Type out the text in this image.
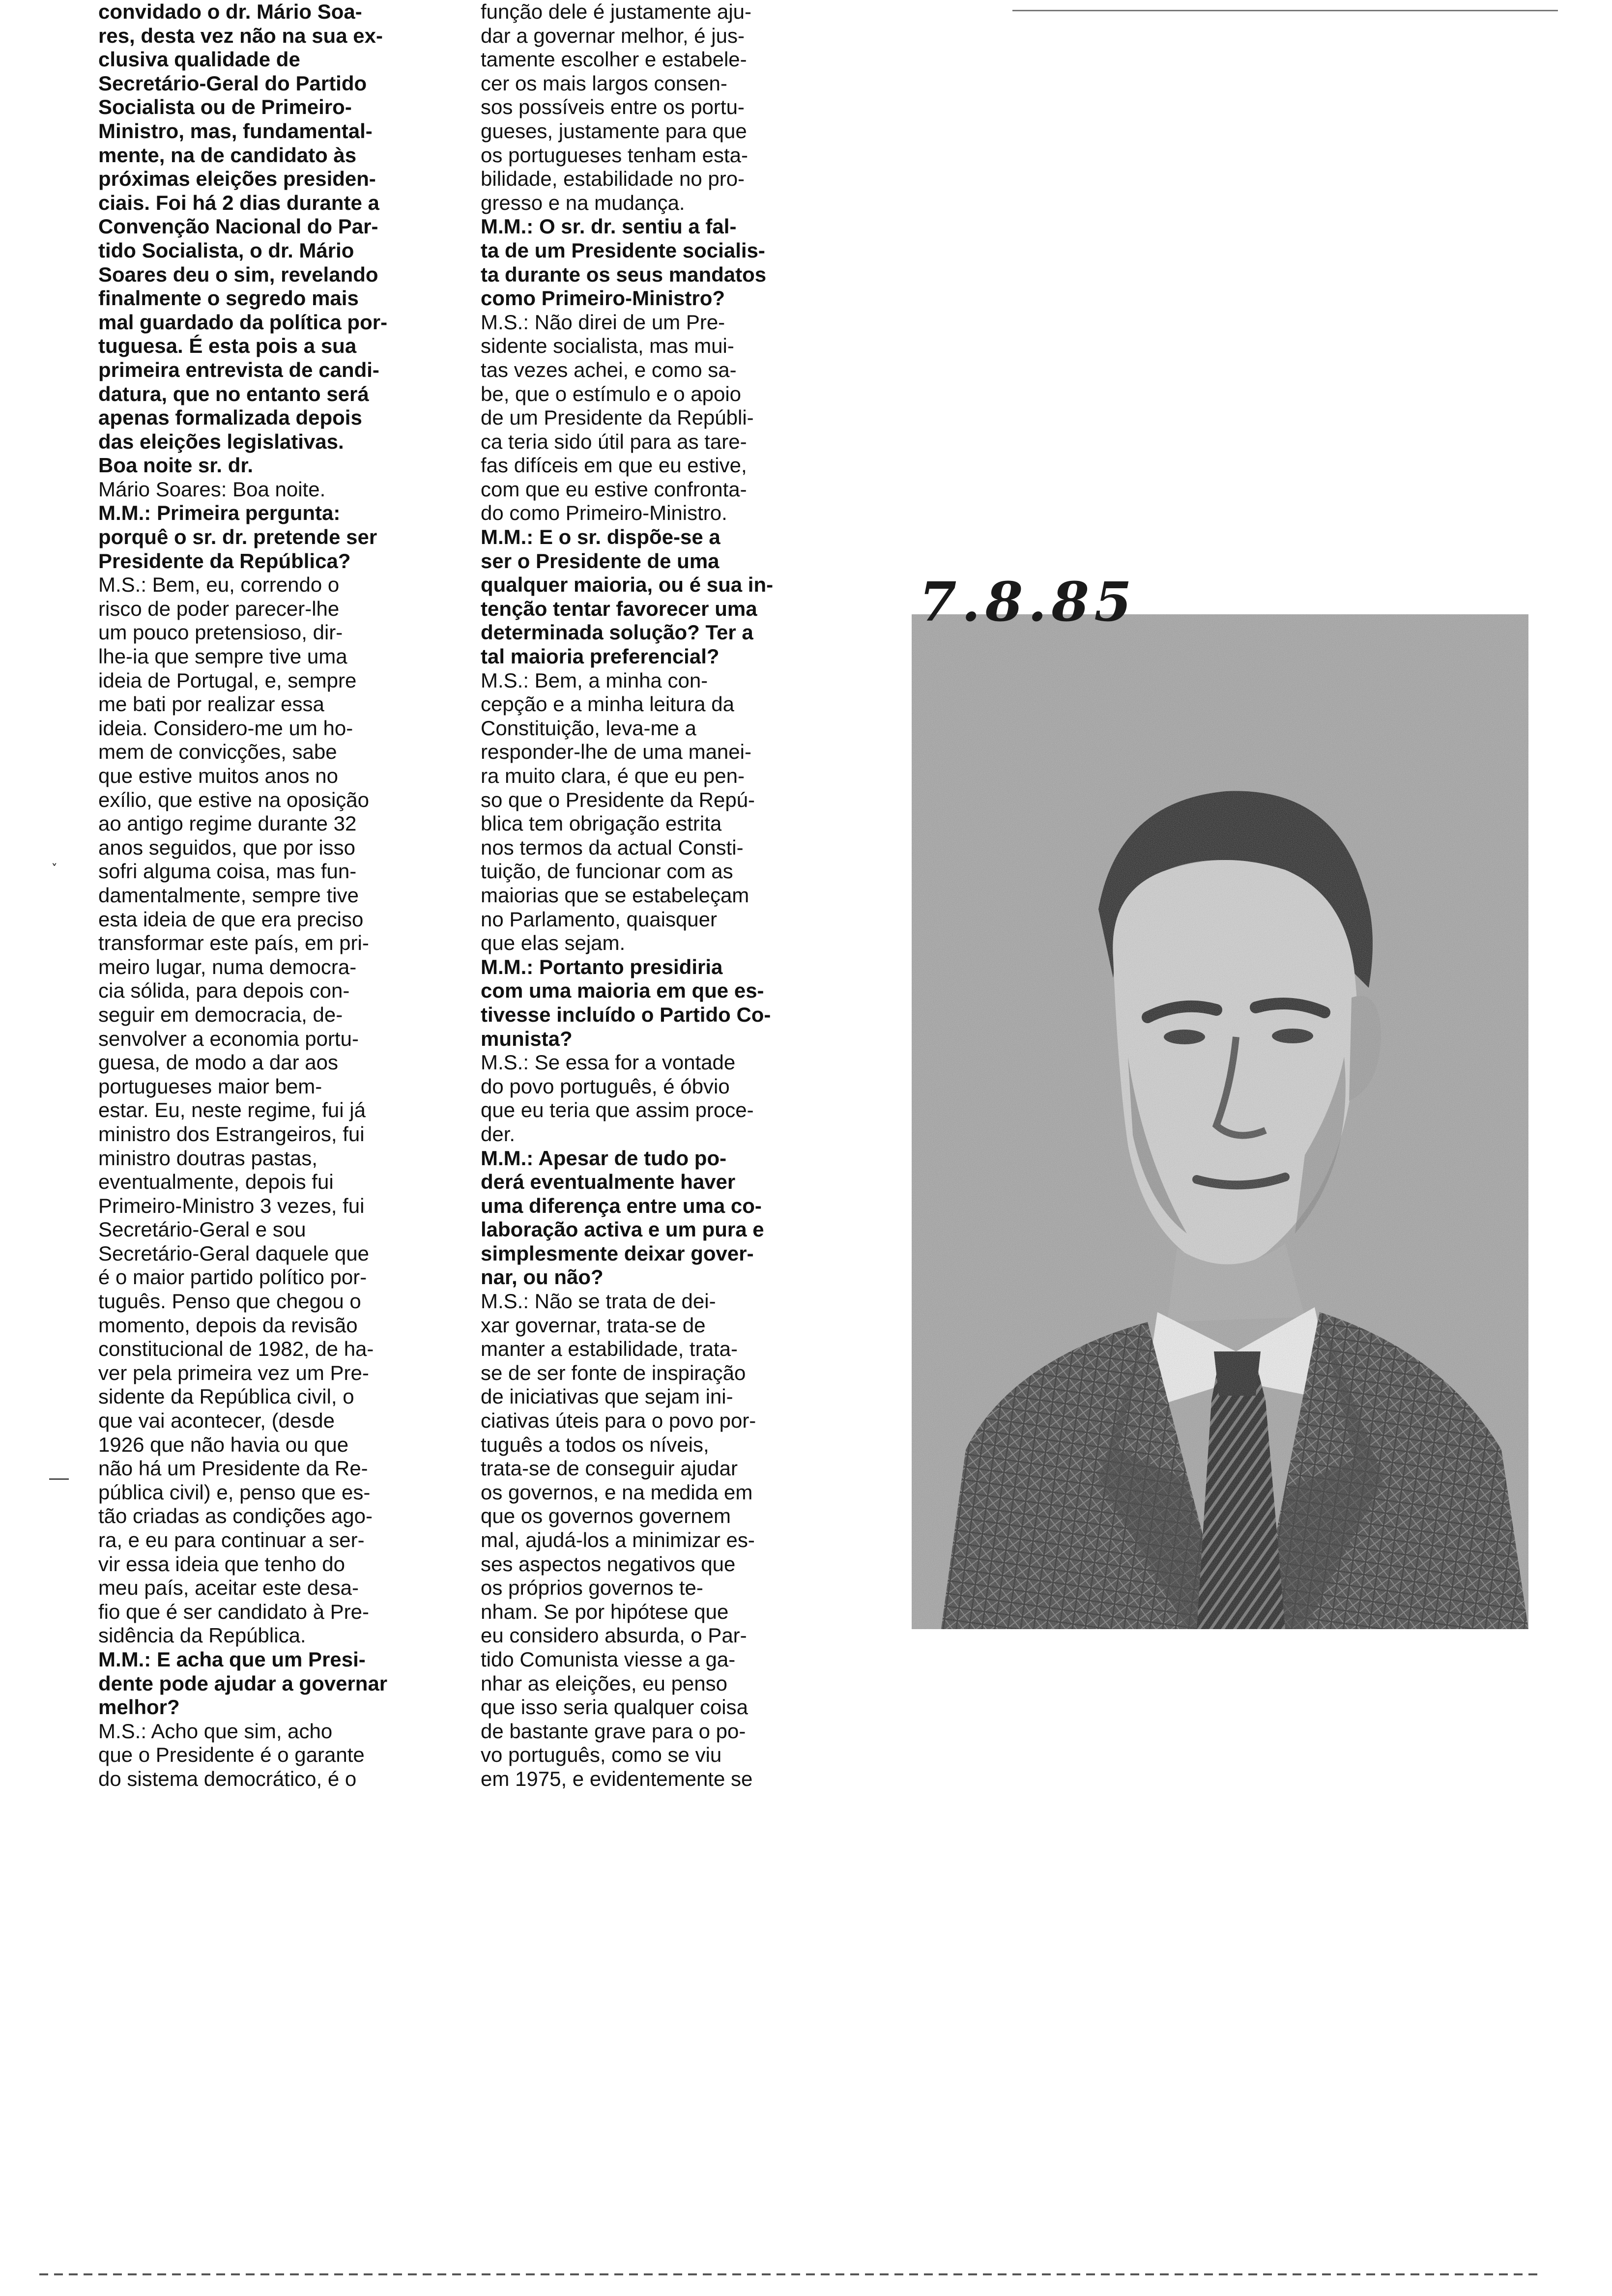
convidado o dr. Mário Soa-
res, desta vez não na sua ex-
clusiva qualidade de
Secretário-Geral do Partido
Socialista ou de Primeiro-
Ministro, mas, fundamental-
mente, na de candidato às
próximas eleições presiden-
ciais. Foi há 2 dias durante a
Convenção Nacional do Par-
tido Socialista, o dr. Mário
Soares deu o sim, revelando
finalmente o segredo mais
mal guardado da política por-
tuguesa. É esta pois a sua
primeira entrevista de candi-
datura, que no entanto será
apenas formalizada depois
das eleições legislativas.
Boa noite sr. dr.
Mário Soares: Boa noite.
M.M.: Primeira pergunta:
porquê o sr. dr. pretende ser
Presidente da República?
M.S.: Bem, eu, correndo o
risco de poder parecer-lhe
um pouco pretensioso, dir-
lhe-ia que sempre tive uma
ideia de Portugal, e, sempre
me bati por realizar essa
ideia. Considero-me um ho-
mem de convicções, sabe
que estive muitos anos no
exílio, que estive na oposição
ao antigo regime durante 32
anos seguidos, que por isso
sofri alguma coisa, mas fun-
damentalmente, sempre tive
esta ideia de que era preciso
transformar este país, em pri-
meiro lugar, numa democra-
cia sólida, para depois con-
seguir em democracia, de-
senvolver a economia portu-
guesa, de modo a dar aos
portugueses maior bem-
estar. Eu, neste regime, fui já
ministro dos Estrangeiros, fui
ministro doutras pastas,
eventualmente, depois fui
Primeiro-Ministro 3 vezes, fui
Secretário-Geral e sou
Secretário-Geral daquele que
é o maior partido político por-
tuguês. Penso que chegou o
momento, depois da revisão
constitucional de 1982, de ha-
ver pela primeira vez um Pre-
sidente da República civil, o
que vai acontecer, (desde
1926 que não havia ou que
não há um Presidente da Re-
pública civil) e, penso que es-
tão criadas as condições ago-
ra, e eu para continuar a ser-
vir essa ideia que tenho do
meu país, aceitar este desa-
fio que é ser candidato à Pre-
sidência da República.
M.M.: E acha que um Presi-
dente pode ajudar a governar
melhor?
M.S.: Acho que sim, acho
que o Presidente é o garante
do sistema democrático, é o
função dele é justamente aju-
dar a governar melhor, é jus-
tamente escolher e estabele-
cer os mais largos consen-
sos possíveis entre os portu-
gueses, justamente para que
os portugueses tenham esta-
bilidade, estabilidade no pro-
gresso e na mudança.
M.M.: O sr. dr. sentiu a fal-
ta de um Presidente socialis-
ta durante os seus mandatos
como Primeiro-Ministro?
M.S.: Não direi de um Pre-
sidente socialista, mas mui-
tas vezes achei, e como sa-
be, que o estímulo e o apoio
de um Presidente da Repúbli-
ca teria sido útil para as tare-
fas difíceis em que eu estive,
com que eu estive confronta-
do como Primeiro-Ministro.
M.M.: E o sr. dispõe-se a
ser o Presidente de uma
qualquer maioria, ou é sua in-
tenção tentar favorecer uma
determinada solução? Ter a
tal maioria preferencial?
M.S.: Bem, a minha con-
cepção e a minha leitura da
Constituição, leva-me a
responder-lhe de uma manei-
ra muito clara, é que eu pen-
so que o Presidente da Repú-
blica tem obrigação estrita
nos termos da actual Consti-
tuição, de funcionar com as
maiorias que se estabeleçam
no Parlamento, quaisquer
que elas sejam.
M.M.: Portanto presidiria
com uma maioria em que es-
tivesse incluído o Partido Co-
munista?
M.S.: Se essa for a vontade
do povo português, é óbvio
que eu teria que assim proce-
der.
M.M.: Apesar de tudo po-
derá eventualmente haver
uma diferença entre uma co-
laboração activa e um pura e
simplesmente deixar gover-
nar, ou não?
M.S.: Não se trata de dei-
xar governar, trata-se de
manter a estabilidade, trata-
se de ser fonte de inspiração
de iniciativas que sejam ini-
ciativas úteis para o povo por-
tuguês a todos os níveis,
trata-se de conseguir ajudar
os governos, e na medida em
que os governos governem
mal, ajudá-los a minimizar es-
ses aspectos negativos que
os próprios governos te-
nham. Se por hipótese que
eu considero absurda, o Par-
tido Comunista viesse a ga-
nhar as eleições, eu penso
que isso seria qualquer coisa
de bastante grave para o po-
vo português, como se viu
em 1975, e evidentemente se
7.8.85
˯
—
